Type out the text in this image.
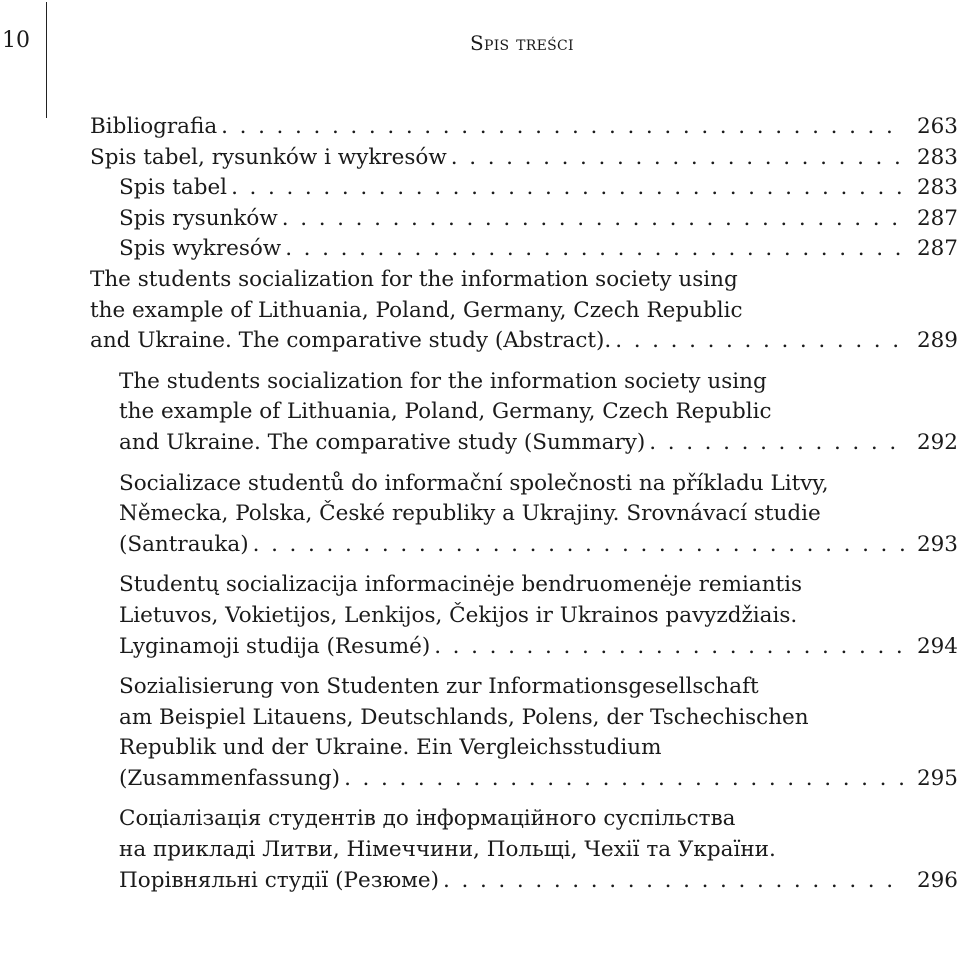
10	Spis treści
Bibliografia . . .	263
Spis tabel, rysunków i wykresów . . .	283
Spis tabel . . .	283
Spis rysunków . . .	287
Spis wykresów . . .	287
The students socialization for the information society using
the example of Lithuania, Poland, Germany, Czech Republic
and Ukraine. The comparative study (Abstract). . . .	289
The students socialization for the information society using
the example of Lithuania, Poland, Germany, Czech Republic
and Ukraine. The comparative study (Summary) . . .	292
Socializace studentů do informační společnosti na příkladu Litvy,
Německa, Polska, České republiky a Ukrajiny. Srovnávací studie
(Santrauka) . . .	293
Studentų socializacija informacinėje bendruomenėje remiantis
Lietuvos, Vokietijos, Lenkijos, Čekijos ir Ukrainos pavyzdžiais.
Lyginamoji studija (Resumé) . . .	294
Sozialisierung von Studenten zur Informationsgesellschaft
am Beispiel Litauens, Deutschlands, Polens, der Tschechischen
Republik und der Ukraine. Ein Vergleichsstudium
(Zusammenfassung) . . .	295
Соціалізація студентів до інформаційного суспільства
на прикладі Литви, Німеччини, Польщі, Чехії та України.
Порівняльні студії (Резюме) . . .	296
